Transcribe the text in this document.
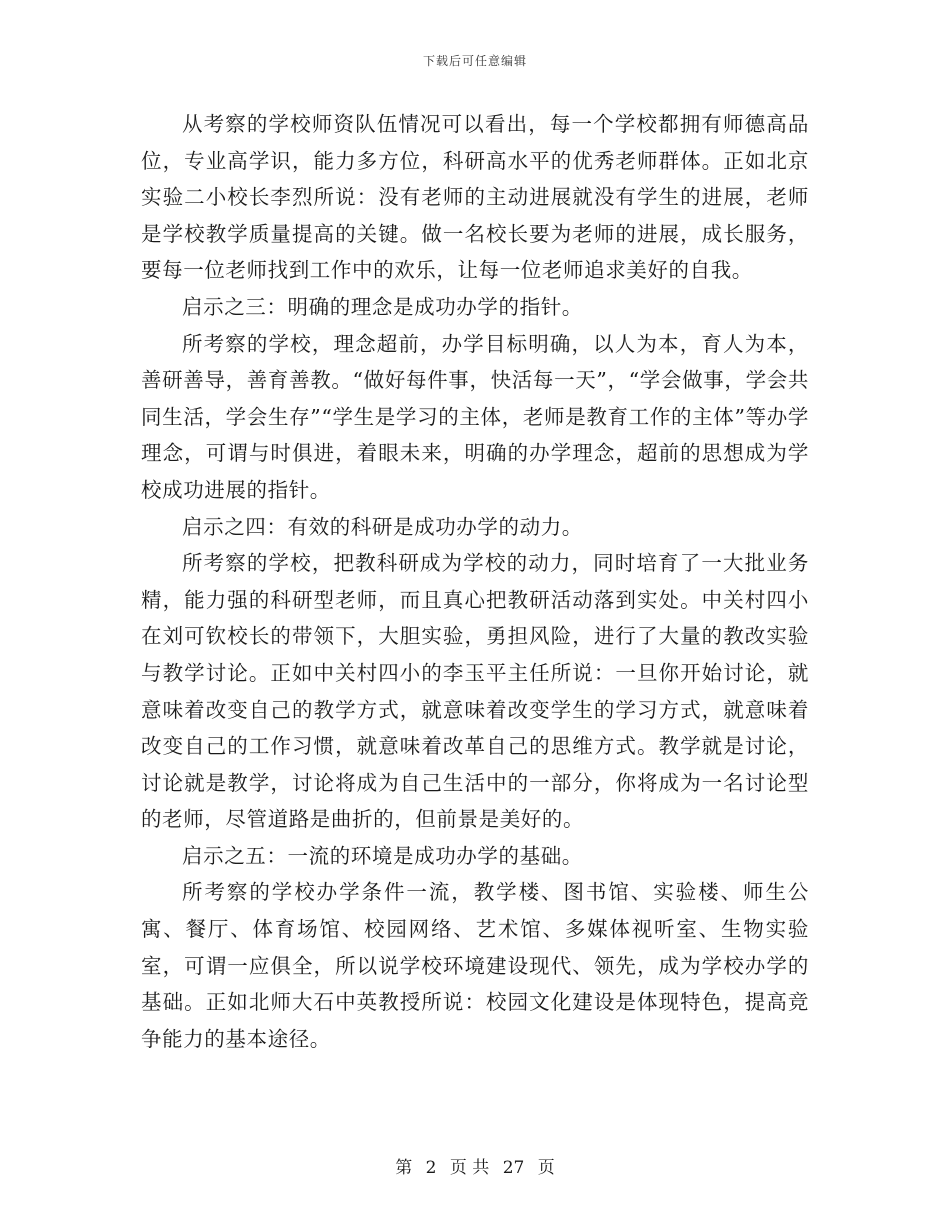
下载后可任意编辑

从考察的学校师资队伍情况可以看出，每一个学校都拥有师德高品位，专业高学识，能力多方位，科研高水平的优秀老师群体。正如北京实验二小校长李烈所说：没有老师的主动进展就没有学生的进展，老师是学校教学质量提高的关键。做一名校长要为老师的进展，成长服务，要每一位老师找到工作中的欢乐，让每一位老师追求美好的自我。

启示之三：明确的理念是成功办学的指针。

所考察的学校，理念超前，办学目标明确，以人为本，育人为本，善研善导，善育善教。“做好每件事，快活每一天”，“学会做事，学会共同生活，学会生存”“学生是学习的主体，老师是教育工作的主体”等办学理念，可谓与时俱进，着眼未来，明确的办学理念，超前的思想成为学校成功进展的指针。

启示之四：有效的科研是成功办学的动力。

所考察的学校，把教科研成为学校的动力，同时培育了一大批业务精，能力强的科研型老师，而且真心把教研活动落到实处。中关村四小在刘可钦校长的带领下，大胆实验，勇担风险，进行了大量的教改实验与教学讨论。正如中关村四小的李玉平主任所说：一旦你开始讨论，就意味着改变自己的教学方式，就意味着改变学生的学习方式，就意味着改变自己的工作习惯，就意味着改革自己的思维方式。教学就是讨论，讨论就是教学，讨论将成为自己生活中的一部分，你将成为一名讨论型的老师，尽管道路是曲折的，但前景是美好的。

启示之五：一流的环境是成功办学的基础。

所考察的学校办学条件一流，教学楼、图书馆、实验楼、师生公寓、餐厅、体育场馆、校园网络、艺术馆、多媒体视听室、生物实验室，可谓一应俱全，所以说学校环境建设现代、领先，成为学校办学的基础。正如北师大石中英教授所说：校园文化建设是体现特色，提高竞争能力的基本途径。

第 2 页 共 27 页
